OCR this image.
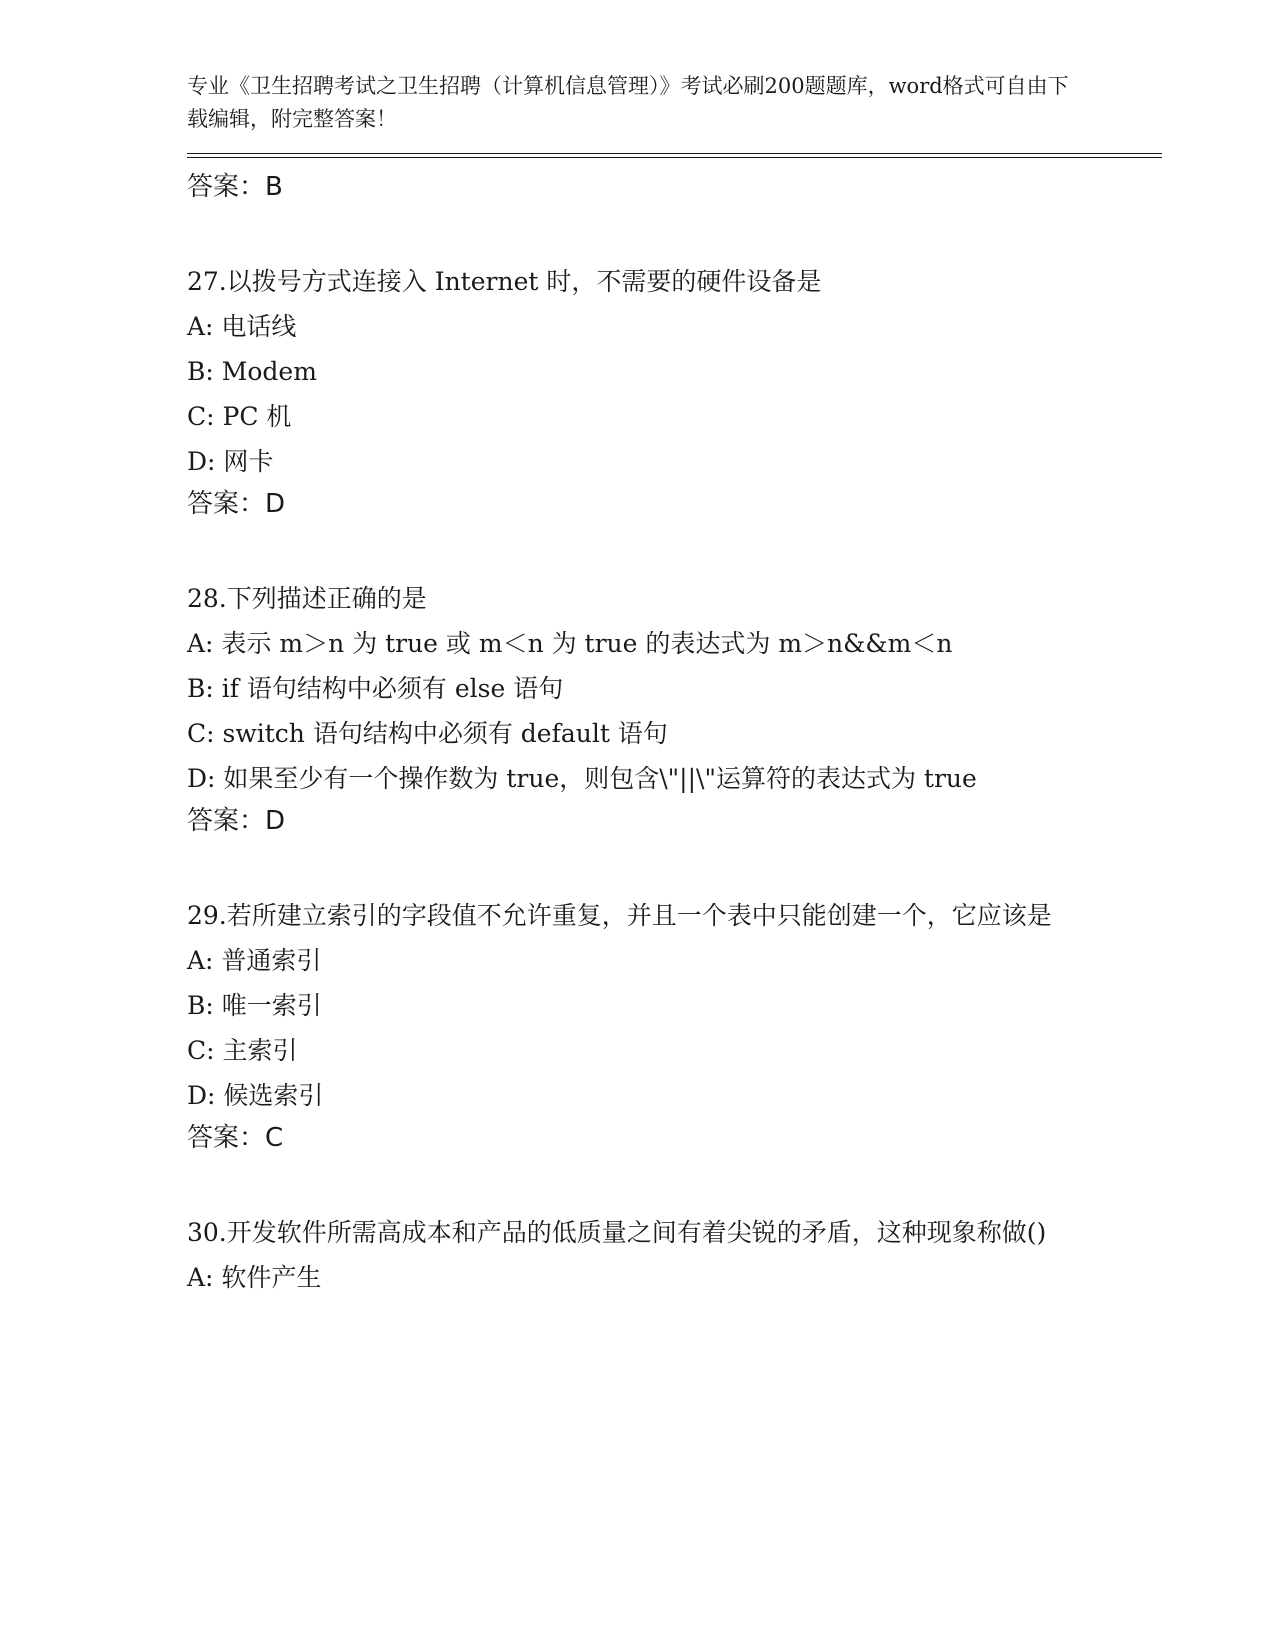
专业《卫生招聘考试之卫生招聘（计算机信息管理）》考试必刷200题题库，word格式可自由下载编辑，附完整答案！

答案：B

27.以拨号方式连接入 Internet 时，不需要的硬件设备是

A: 电话线

B: Modem

C: PC 机

D: 网卡

答案：D

28.下列描述正确的是

A: 表示 m＞n 为 true 或 m＜n 为 true 的表达式为 m＞n&&m＜n

B: if 语句结构中必须有 else 语句

C: switch 语句结构中必须有 default 语句

D: 如果至少有一个操作数为 true，则包含\"||\"运算符的表达式为 true

答案：D

29.若所建立索引的字段值不允许重复，并且一个表中只能创建一个，它应该是

A: 普通索引

B: 唯一索引

C: 主索引

D: 候选索引

答案：C

30.开发软件所需高成本和产品的低质量之间有着尖锐的矛盾，这种现象称做()

A: 软件产生
